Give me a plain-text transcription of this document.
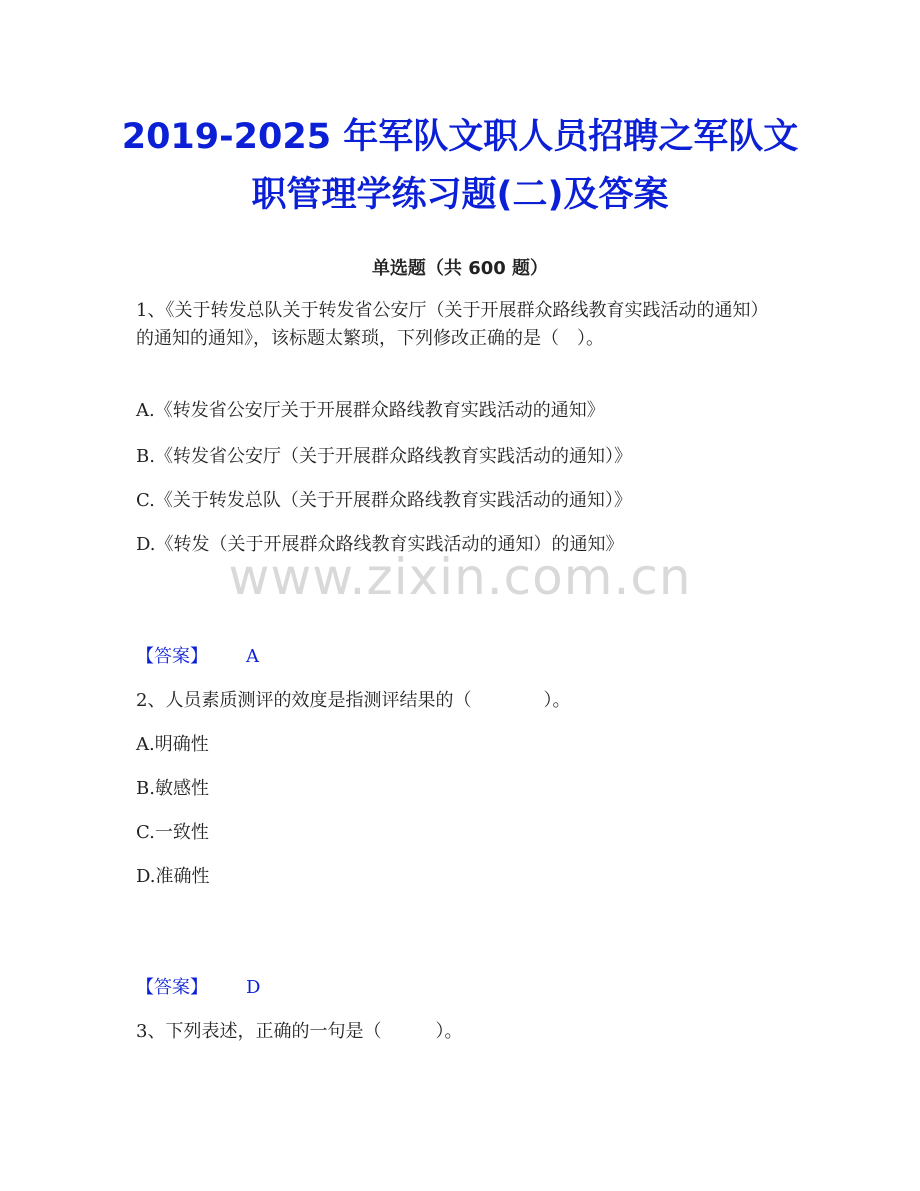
2019-2025 年军队文职人员招聘之军队文
职管理学练习题(二)及答案
单选题（共 600 题）
1、《关于转发总队关于转发省公安厅（关于开展群众路线教育实践活动的通知）的通知的通知》，该标题太繁琐，下列修改正确的是（　）。
A.《转发省公安厅关于开展群众路线教育实践活动的通知》
B.《转发省公安厅（关于开展群众路线教育实践活动的通知）》
C.《关于转发总队（关于开展群众路线教育实践活动的通知）》
D.《转发（关于开展群众路线教育实践活动的通知）的通知》
www.zixin.com.cn
【答案】 A
2、人员素质测评的效度是指测评结果的（　　　　）。
A.明确性
B.敏感性
C.一致性
D.准确性
【答案】 D
3、下列表述，正确的一句是（　　　）。
